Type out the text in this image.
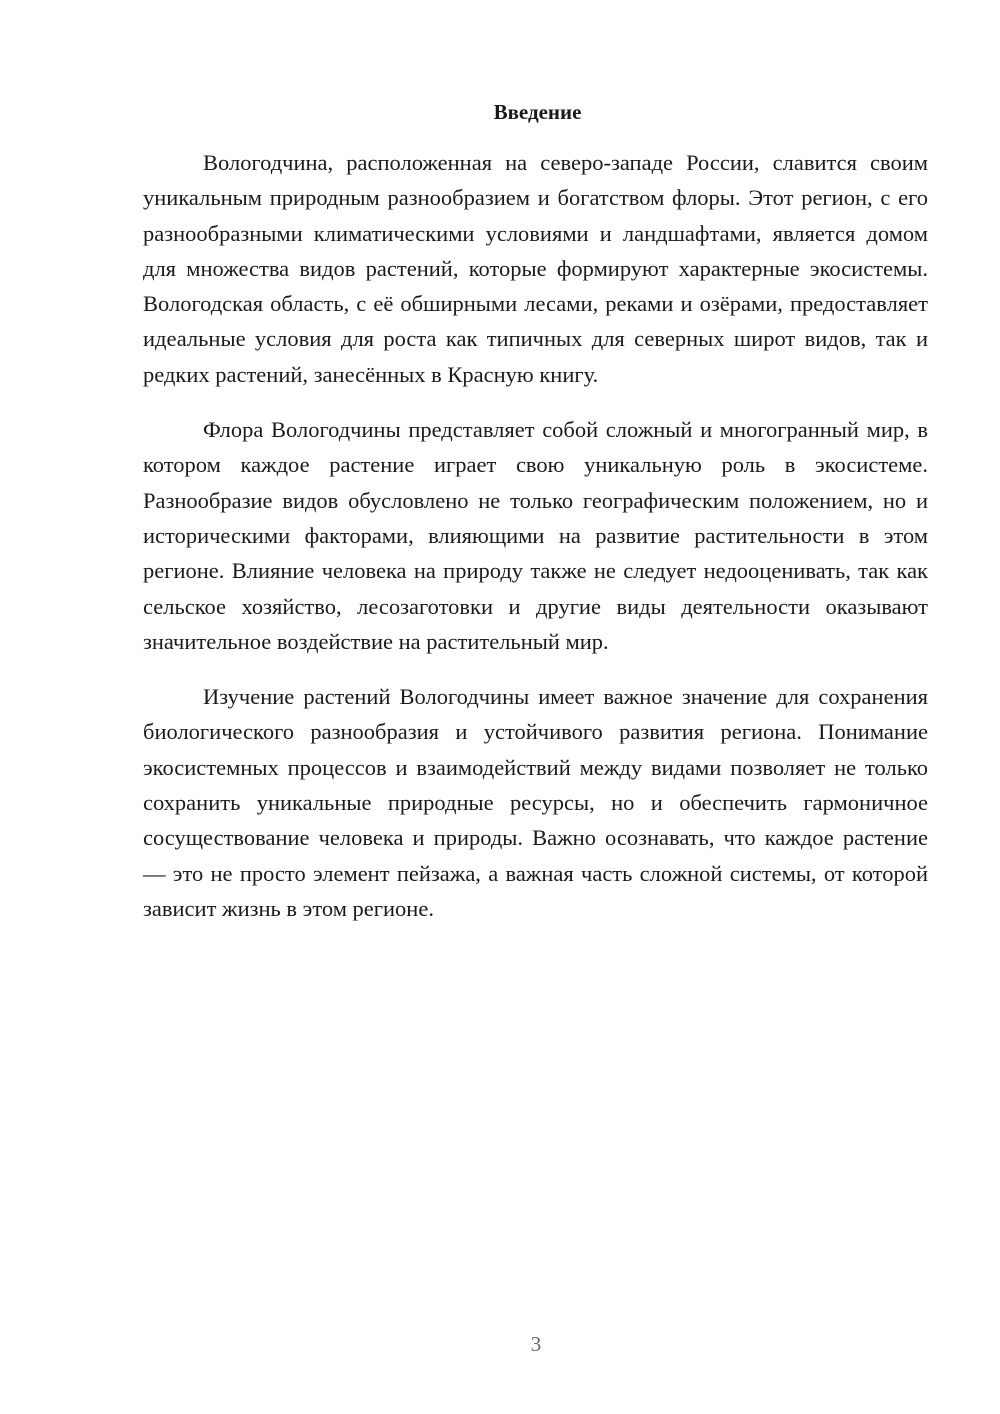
Введение

Вологодчина, расположенная на северо-западе России, славится своим уникальным природным разнообразием и богатством флоры. Этот регион, с его разнообразными климатическими условиями и ландшафтами, является домом для множества видов растений, которые формируют характерные экосистемы. Вологодская область, с её обширными лесами, реками и озёрами, предоставляет идеальные условия для роста как типичных для северных широт видов, так и редких растений, занесённых в Красную книгу.

Флора Вологодчины представляет собой сложный и многогранный мир, в котором каждое растение играет свою уникальную роль в экосистеме. Разнообразие видов обусловлено не только географическим положением, но и историческими факторами, влияющими на развитие растительности в этом регионе. Влияние человека на природу также не следует недооценивать, так как сельское хозяйство, лесозаготовки и другие виды деятельности оказывают значительное воздействие на растительный мир.

Изучение растений Вологодчины имеет важное значение для сохранения биологического разнообразия и устойчивого развития региона. Понимание экосистемных процессов и взаимодействий между видами позволяет не только сохранить уникальные природные ресурсы, но и обеспечить гармоничное сосуществование человека и природы. Важно осознавать, что каждое растение — это не просто элемент пейзажа, а важная часть сложной системы, от которой зависит жизнь в этом регионе.

3
